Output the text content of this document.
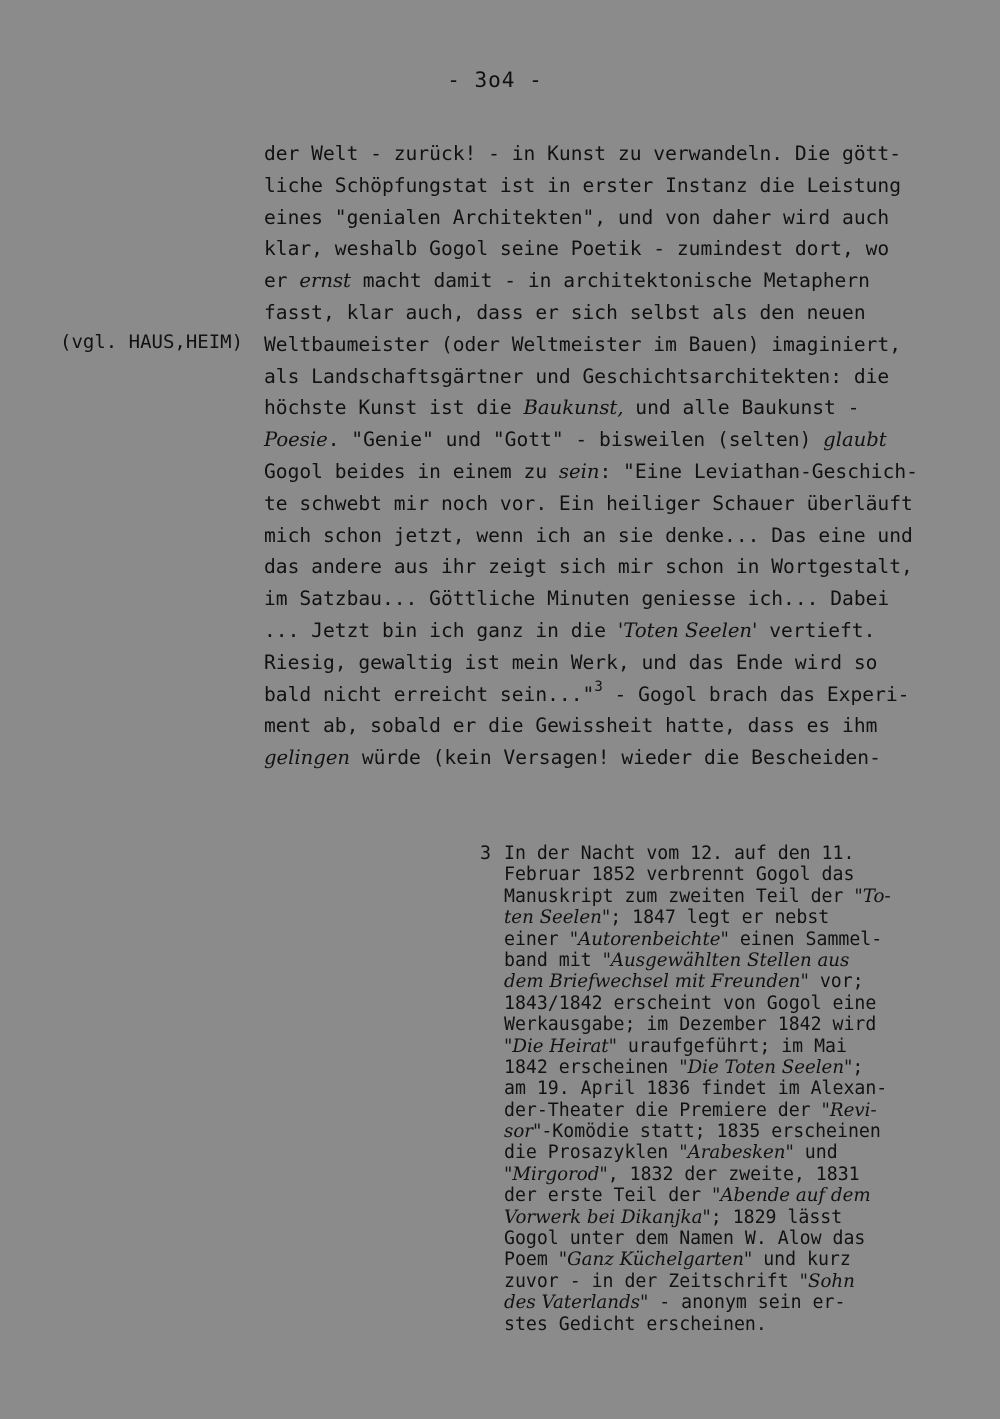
- 3o4 -
(vgl. HAUS,HEIM)
der Welt - zurück! - in Kunst zu verwandeln. Die gött-
liche Schöpfungstat ist in erster Instanz die Leistung
eines "genialen Architekten", und von daher wird auch
klar, weshalb Gogol seine Poetik - zumindest dort, wo
er ernst macht damit - in architektonische Metaphern
fasst, klar auch, dass er sich selbst als den neuen
Weltbaumeister (oder Weltmeister im Bauen) imaginiert,
als Landschaftsgärtner und Geschichtsarchitekten: die
höchste Kunst ist die Baukunst, und alle Baukunst -
Poesie. "Genie" und "Gott" - bisweilen (selten) glaubt
Gogol beides in einem zu sein: "Eine Leviathan-Geschich-
te schwebt mir noch vor. Ein heiliger Schauer überläuft
mich schon jetzt, wenn ich an sie denke... Das eine und
das andere aus ihr zeigt sich mir schon in Wortgestalt,
im Satzbau... Göttliche Minuten geniesse ich... Dabei
... Jetzt bin ich ganz in die 'Toten Seelen' vertieft.
Riesig, gewaltig ist mein Werk, und das Ende wird so
bald nicht erreicht sein..."$^3$ - Gogol brach das Experi-
ment ab, sobald er die Gewissheit hatte, dass es ihm
gelingen würde (kein Versagen! wieder die Bescheiden-
3 In der Nacht vom 12. auf den 11.
Februar 1852 verbrennt Gogol das
Manuskript zum zweiten Teil der "To-
ten Seelen"; 1847 legt er nebst
einer "Autorenbeichte" einen Sammel-
band mit "Ausgewählten Stellen aus
dem Briefwechsel mit Freunden" vor;
1843/1842 erscheint von Gogol eine
Werkausgabe; im Dezember 1842 wird
"Die Heirat" uraufgeführt; im Mai
1842 erscheinen "Die Toten Seelen";
am 19. April 1836 findet im Alexan-
der-Theater die Premiere der "Revi-
sor"-Komödie statt; 1835 erscheinen
die Prosazyklen "Arabesken" und
"Mirgorod", 1832 der zweite, 1831
der erste Teil der "Abende auf dem
Vorwerk bei Dikanjka"; 1829 lässt
Gogol unter dem Namen W. Alow das
Poem "Ganz Küchelgarten" und kurz
zuvor - in der Zeitschrift "Sohn
des Vaterlands" - anonym sein er-
stes Gedicht erscheinen.
